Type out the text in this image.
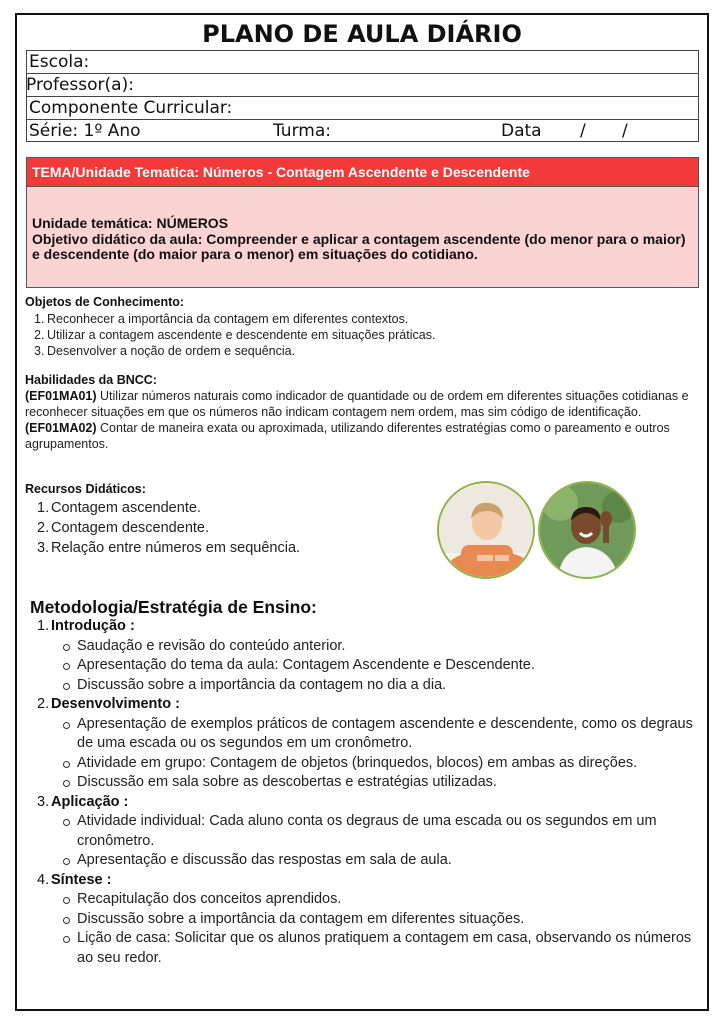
PLANO DE AULA DIÁRIO
Escola:
Professor(a):
Componente Curricular:
Série: 1º Ano	Turma:	Data / /
TEMA/Unidade Tematica: Números - Contagem Ascendente e Descendente
Unidade temática: NÚMEROS
Objetivo didático da aula: Compreender e aplicar a contagem ascendente (do menor para o maior) e descendente (do maior para o menor) em situações do cotidiano.
Objetos de Conhecimento:
1. Reconhecer a importância da contagem em diferentes contextos.
2. Utilizar a contagem ascendente e descendente em situações práticas.
3. Desenvolver a noção de ordem e sequência.
Habilidades da BNCC:
(EF01MA01) Utilizar números naturais como indicador de quantidade ou de ordem em diferentes situações cotidianas e reconhecer situações em que os números não indicam contagem nem ordem, mas sim código de identificação.
(EF01MA02) Contar de maneira exata ou aproximada, utilizando diferentes estratégias como o pareamento e outros agrupamentos.
Recursos Didáticos:
1. Contagem ascendente.
2. Contagem descendente.
3. Relação entre números em sequência.
Metodologia/Estratégia de Ensino:
1. Introdução :
Saudação e revisão do conteúdo anterior.
Apresentação do tema da aula: Contagem Ascendente e Descendente.
Discussão sobre a importância da contagem no dia a dia.
2. Desenvolvimento :
Apresentação de exemplos práticos de contagem ascendente e descendente, como os degraus de uma escada ou os segundos em um cronômetro.
Atividade em grupo: Contagem de objetos (brinquedos, blocos) em ambas as direções.
Discussão em sala sobre as descobertas e estratégias utilizadas.
3. Aplicação :
Atividade individual: Cada aluno conta os degraus de uma escada ou os segundos em um cronômetro.
Apresentação e discussão das respostas em sala de aula.
4. Síntese :
Recapitulação dos conceitos aprendidos.
Discussão sobre a importância da contagem em diferentes situações.
Lição de casa: Solicitar que os alunos pratiquem a contagem em casa, observando os números ao seu redor.
